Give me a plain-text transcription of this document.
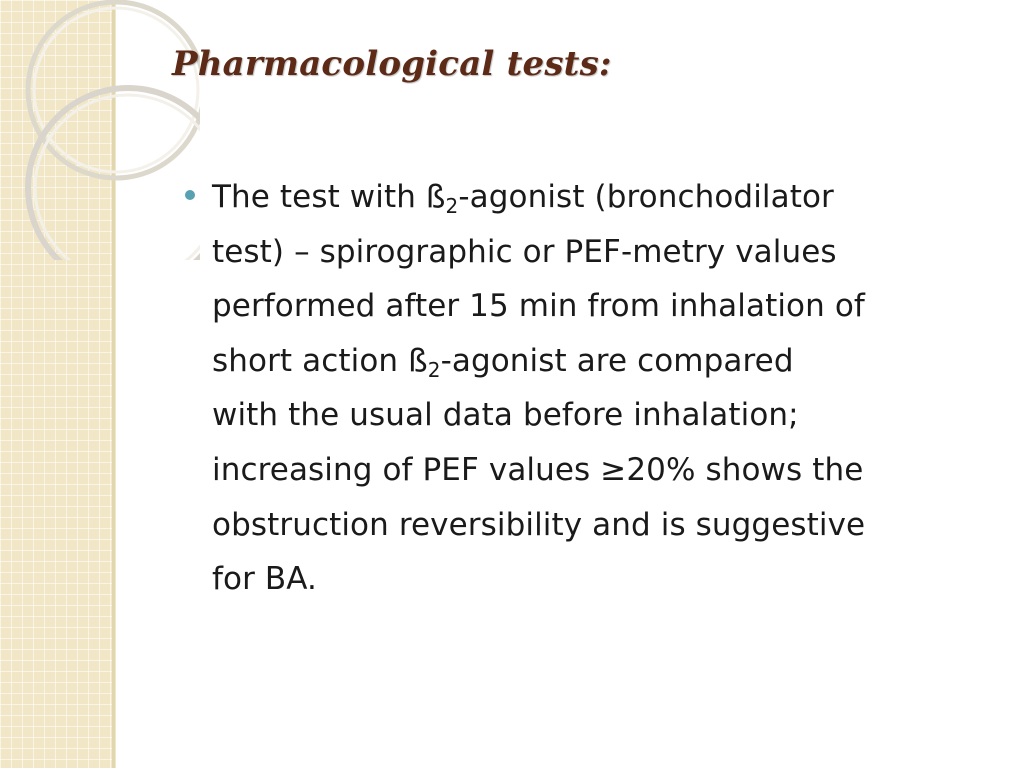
Pharmacological tests:

The test with $ß_2$-agonist (bronchodilator
test) – spirographic or PEF-metry values
performed after 15 min from inhalation of
short action $ß_2$-agonist are compared
with the usual data before inhalation;
increasing of PEF values ≥20% shows the
obstruction reversibility and is suggestive
for BA.
